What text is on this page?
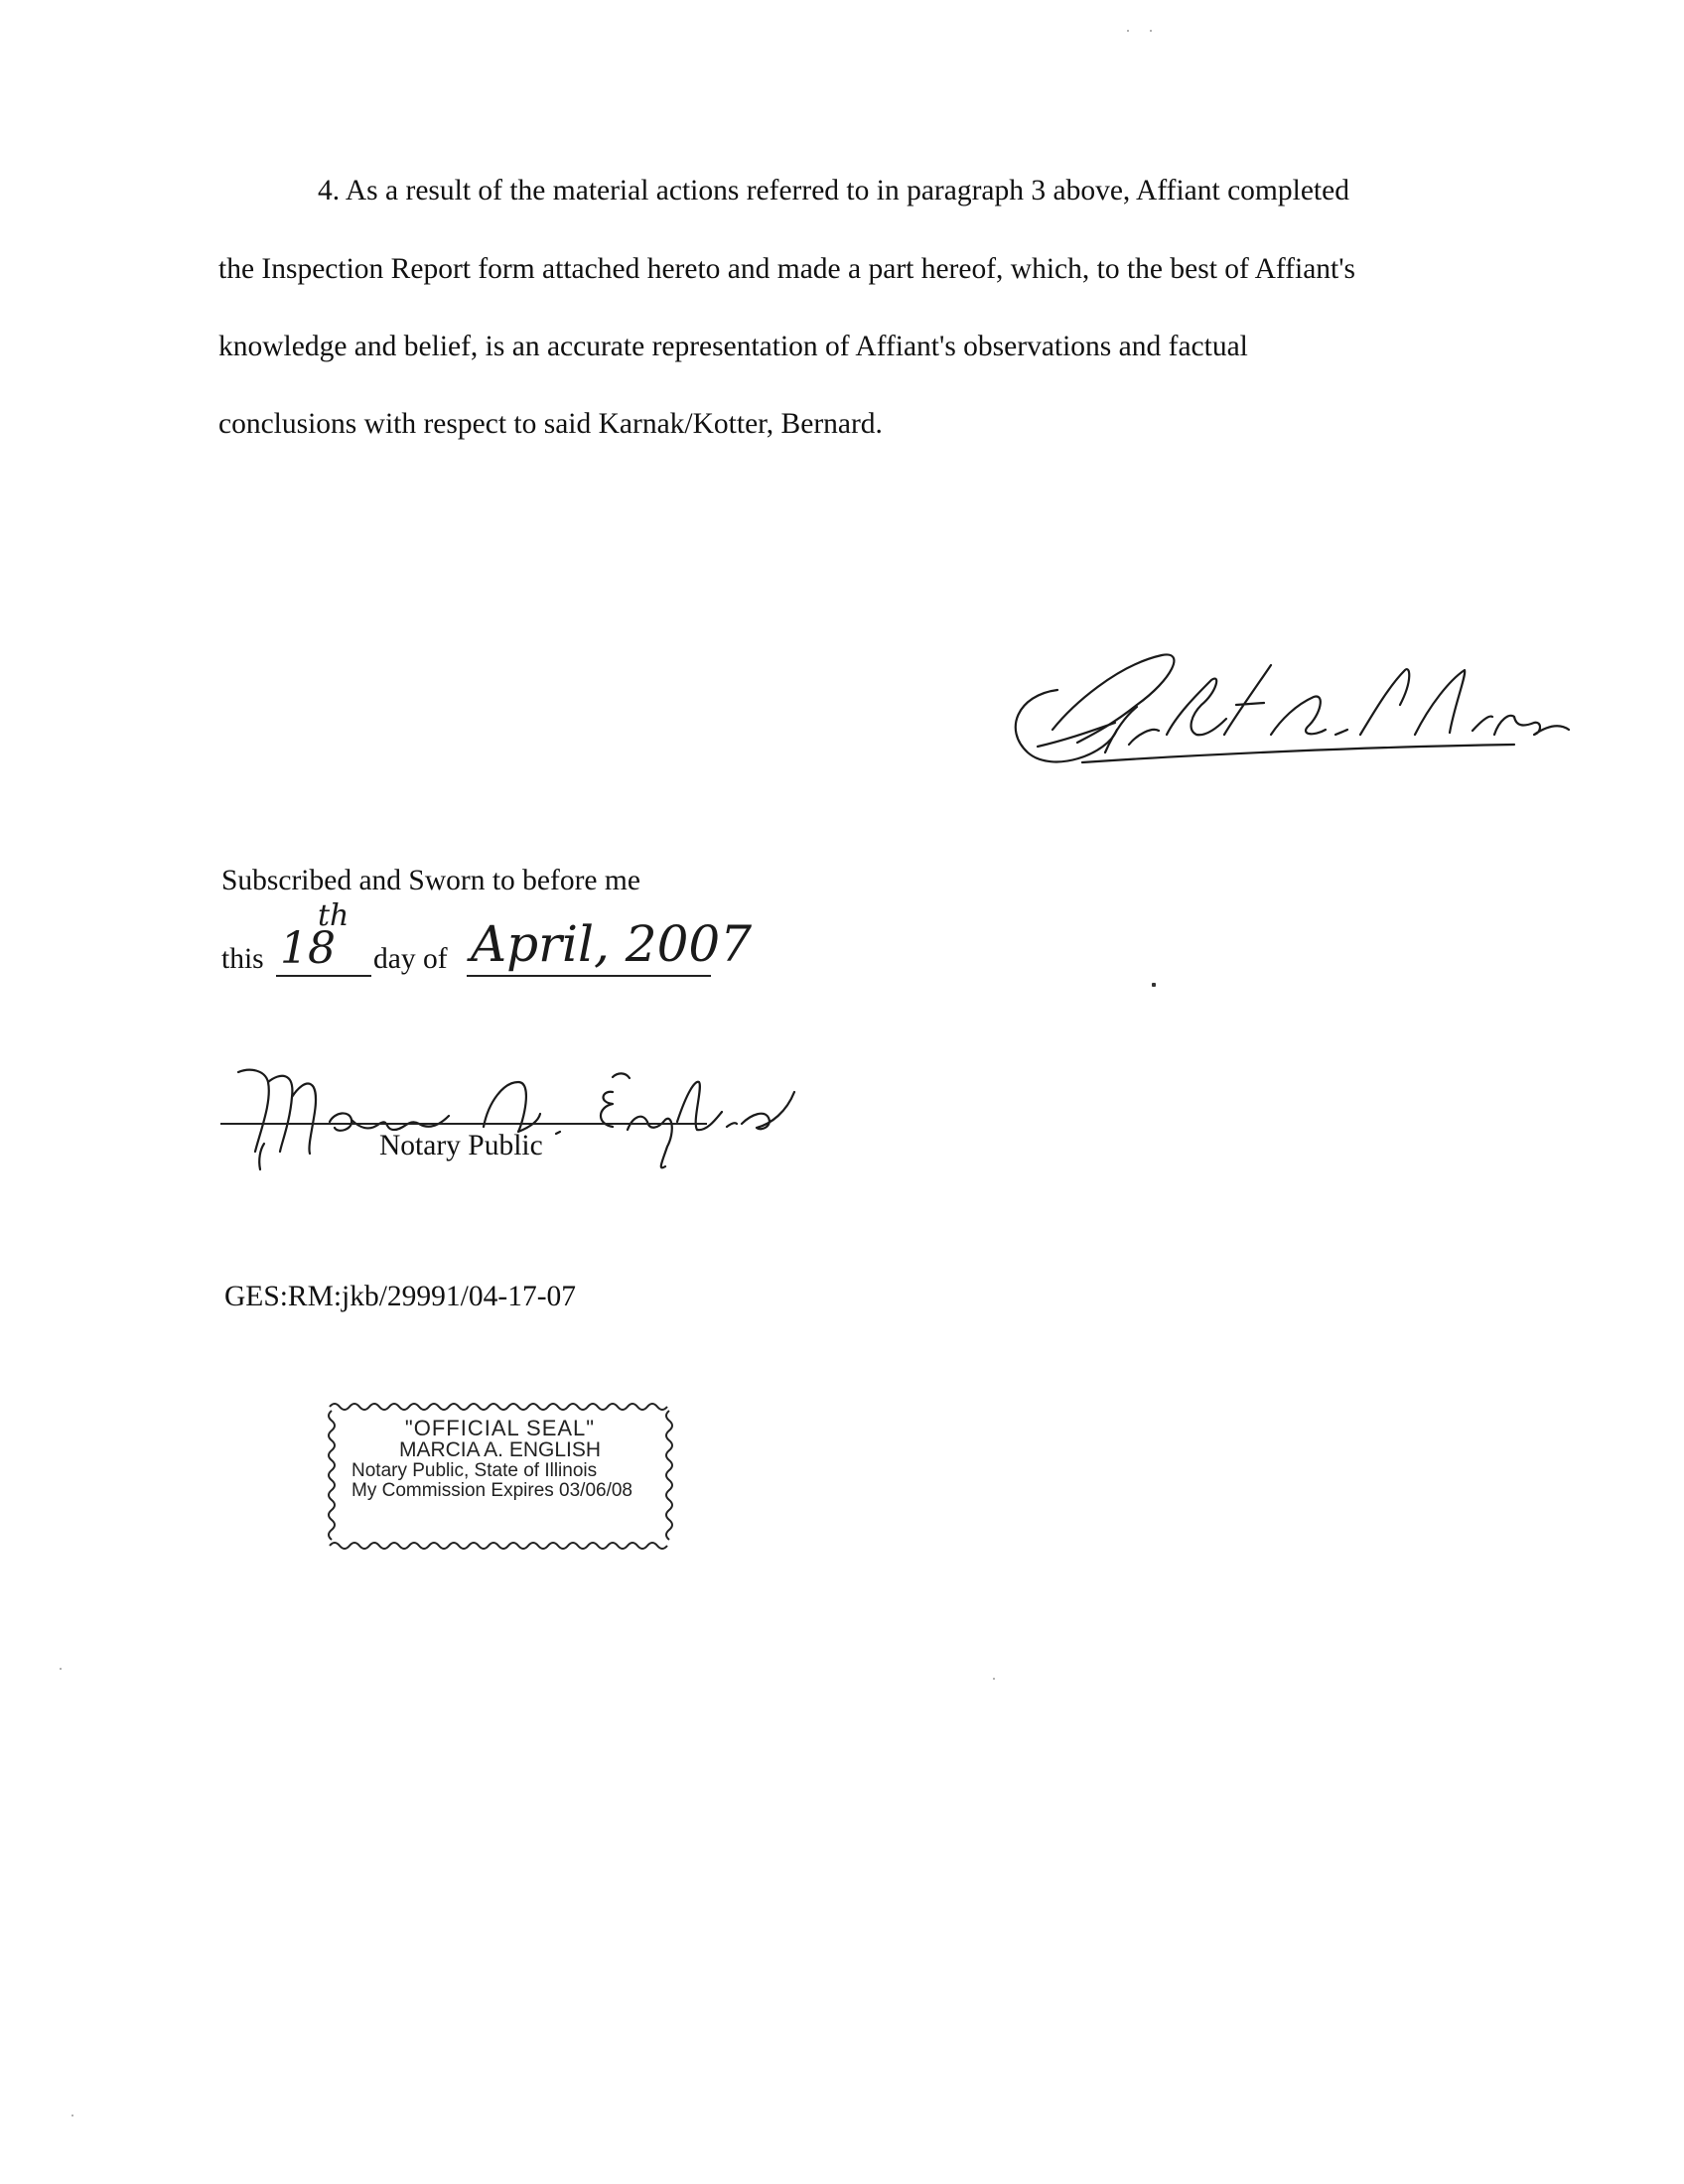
4. As a result of the material actions referred to in paragraph 3 above, Affiant completed
the Inspection Report form attached hereto and made a part hereof, which, to the best of Affiant's
knowledge and belief, is an accurate representation of Affiant's observations and factual
conclusions with respect to said Karnak/Kotter, Bernard.
Subscribed and Sworn to before me
this 18
th
day of April, 2007
Notary Public
GES:RM:jkb/29991/04-17-07
"OFFICIAL SEAL"
MARCIA A. ENGLISH
Notary Public, State of Illinois
My Commission Expires 03/06/08
